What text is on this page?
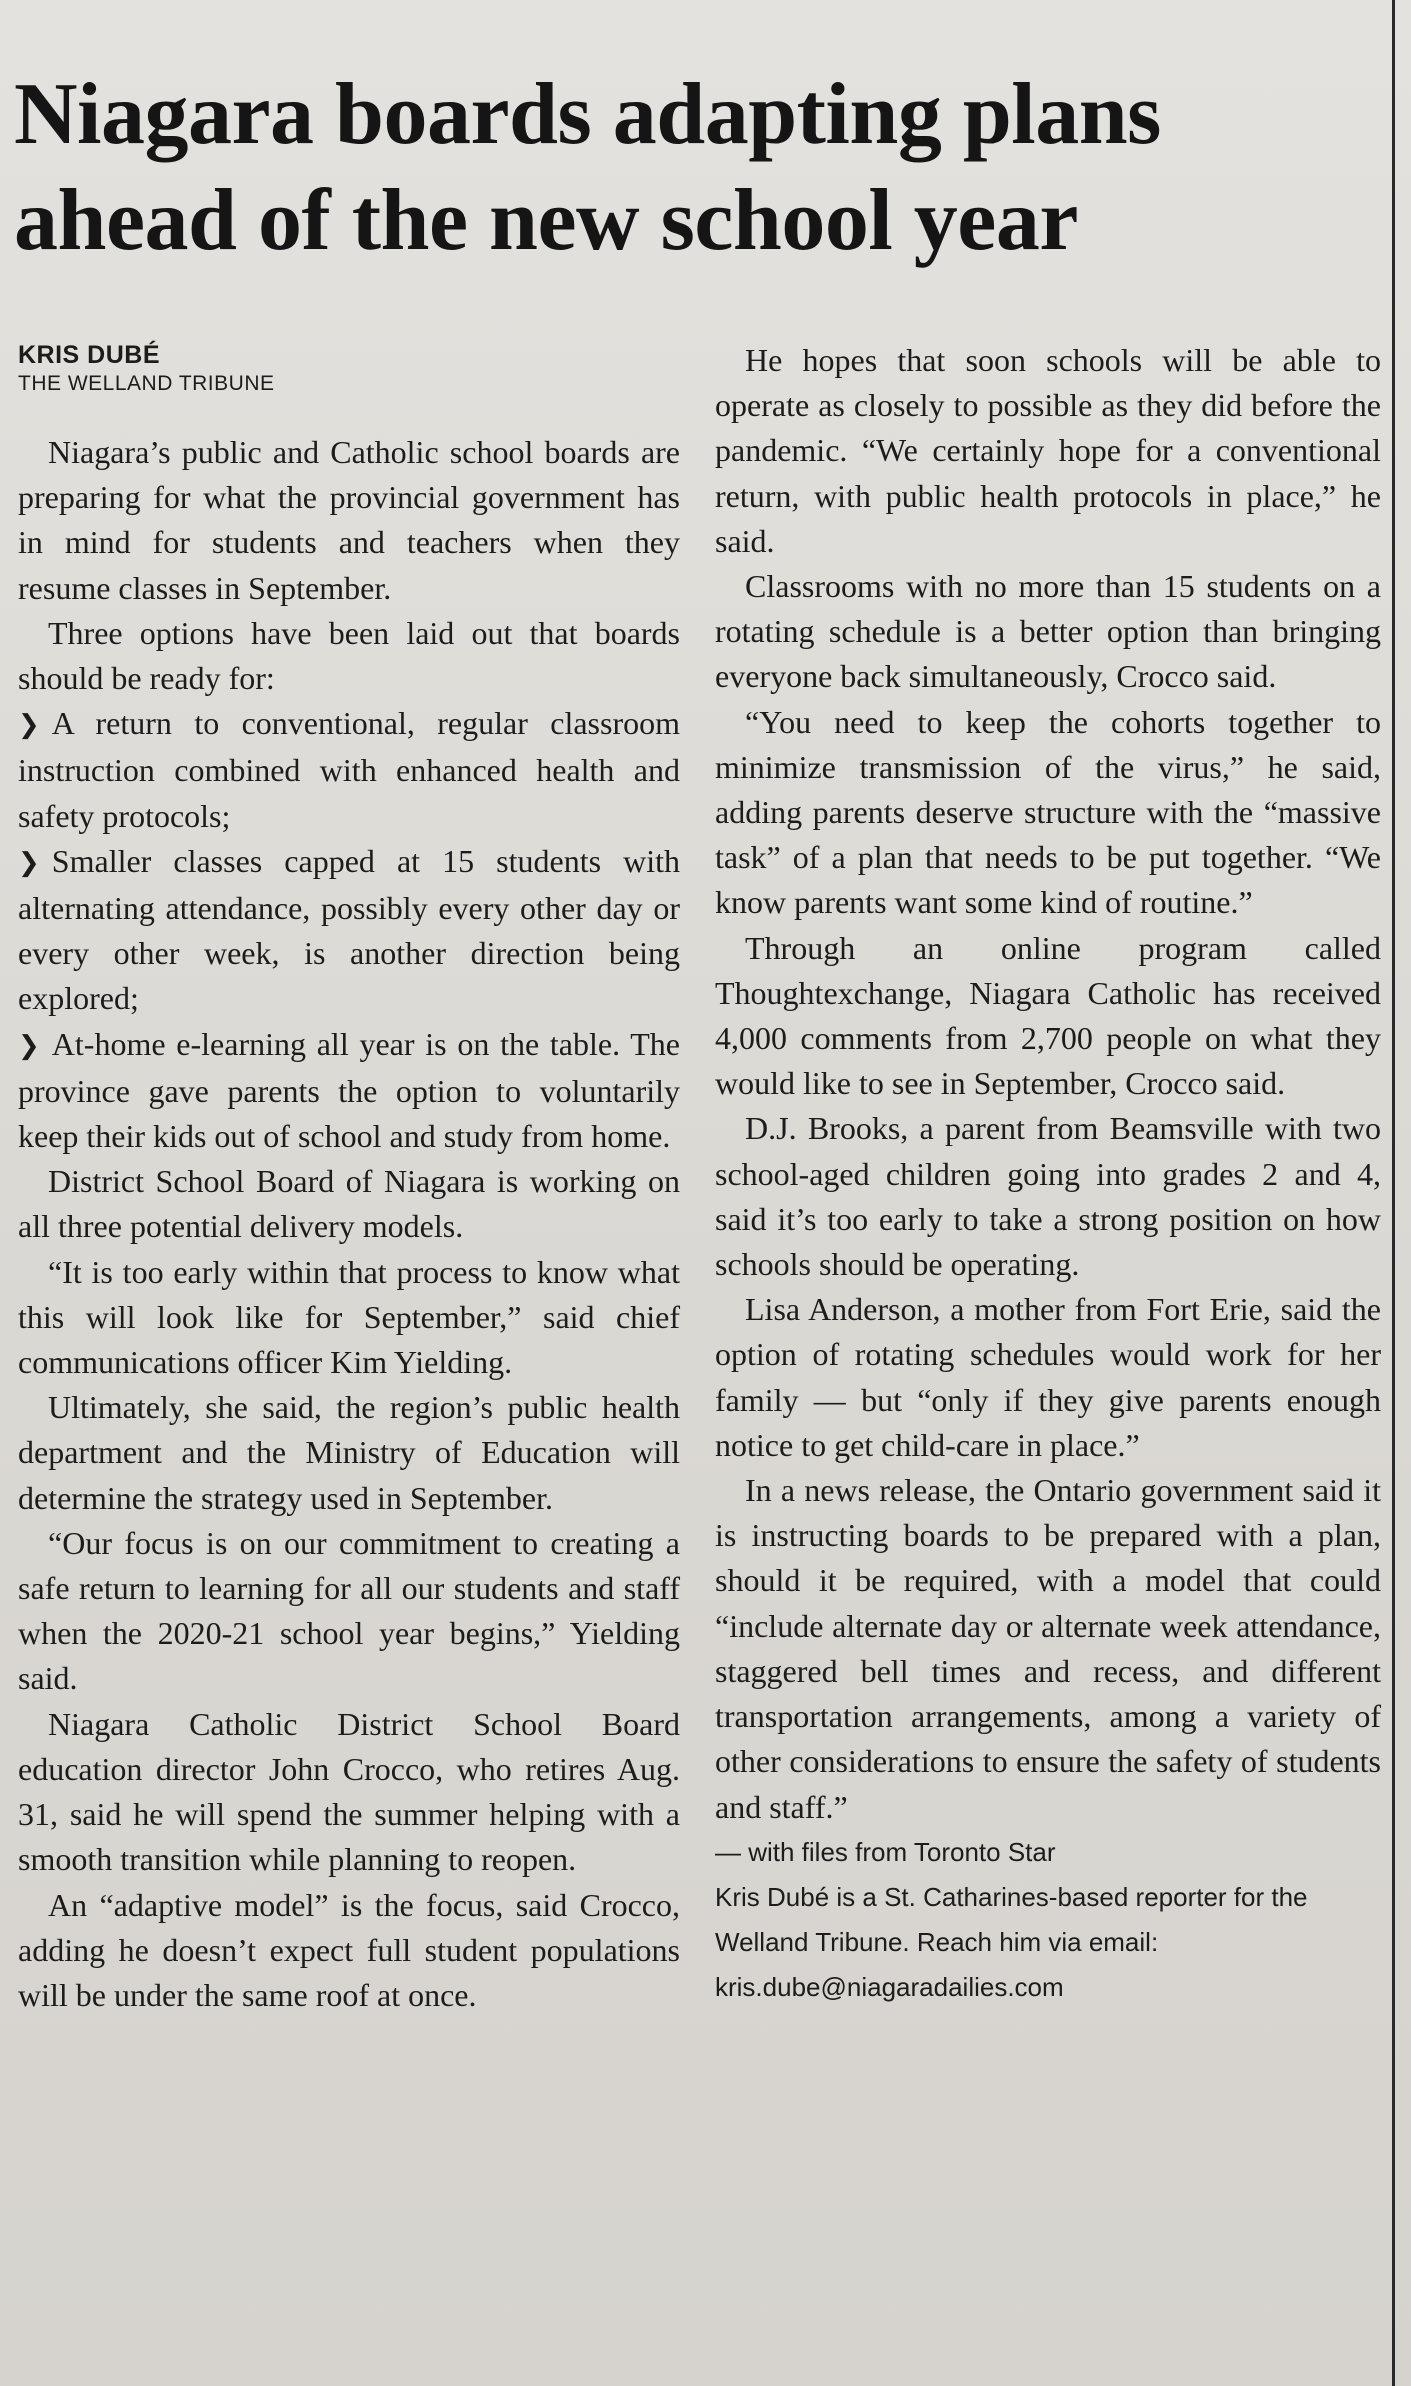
Niagara boards adapting plans
ahead of the new school year
KRIS DUBÉ
THE WELLAND TRIBUNE

Niagara’s public and Catholic school boards are preparing for what the provincial government has in mind for students and teachers when they resume classes in September.

Three options have been laid out that boards should be ready for:

❯ A return to conventional, regular classroom instruction combined with enhanced health and safety protocols;

❯ Smaller classes capped at 15 students with alternating attendance, possibly every other day or every other week, is another direction being explored;

❯ At-home e-learning all year is on the table. The province gave parents the option to voluntarily keep their kids out of school and study from home.

District School Board of Niagara is working on all three potential delivery models.

“It is too early within that process to know what this will look like for September,” said chief communications officer Kim Yielding.

Ultimately, she said, the region’s public health department and the Ministry of Education will determine the strategy used in September.

“Our focus is on our commitment to creating a safe return to learning for all our students and staff when the 2020-21 school year begins,” Yielding said.

Niagara Catholic District School Board education director John Crocco, who retires Aug. 31, said he will spend the summer helping with a smooth transition while planning to reopen.

An “adaptive model” is the focus, said Crocco, adding he doesn’t expect full student populations will be under the same roof at once.

He hopes that soon schools will be able to operate as closely to possible as they did before the pandemic. “We certainly hope for a conventional return, with public health protocols in place,” he said.

Classrooms with no more than 15 students on a rotating schedule is a better option than bringing everyone back simultaneously, Crocco said.

“You need to keep the cohorts together to minimize transmission of the virus,” he said, adding parents deserve structure with the “massive task” of a plan that needs to be put together. “We know parents want some kind of routine.”

Through an online program called Thoughtexchange, Niagara Catholic has received 4,000 comments from 2,700 people on what they would like to see in September, Crocco said.

D.J. Brooks, a parent from Beamsville with two school-aged children going into grades 2 and 4, said it’s too early to take a strong position on how schools should be operating.

Lisa Anderson, a mother from Fort Erie, said the option of rotating schedules would work for her family — but “only if they give parents enough notice to get child-care in place.”

In a news release, the Ontario government said it is instructing boards to be prepared with a plan, should it be required, with a model that could “include alternate day or alternate week attendance, staggered bell times and recess, and different transportation arrangements, among a variety of other considerations to ensure the safety of students and staff.”

— with files from Toronto Star

Kris Dubé is a St. Catharines-based reporter for the Welland Tribune. Reach him via email:

kris.dube@niagaradailies.com
